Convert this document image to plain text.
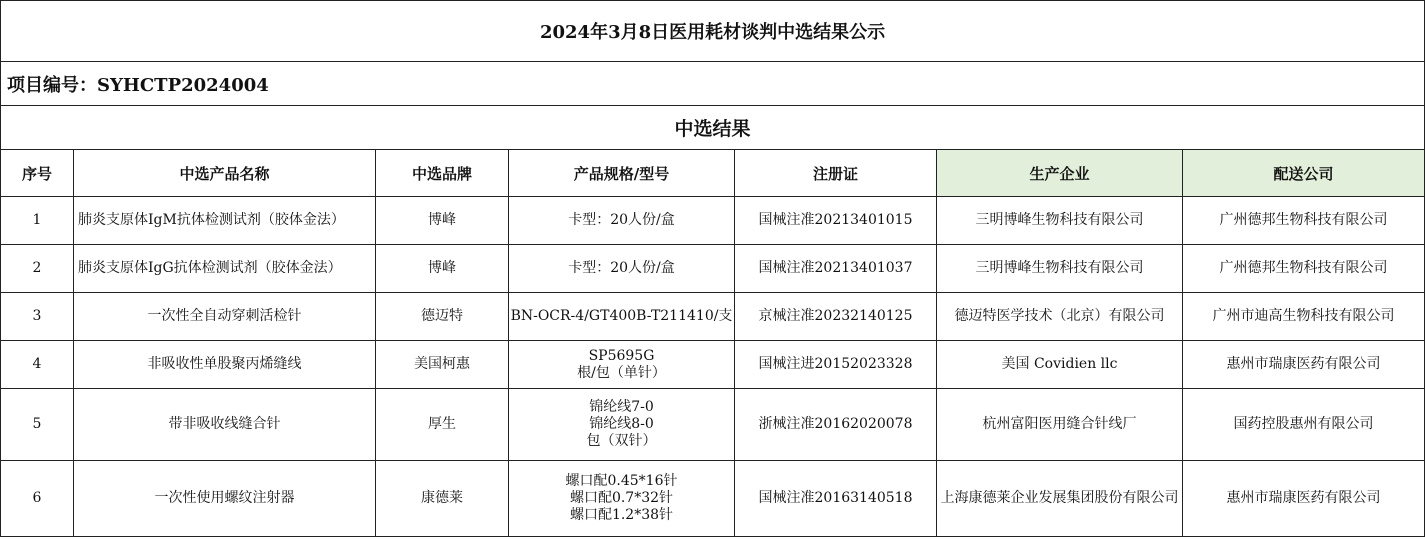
2024年3月8日医用耗材谈判中选结果公示						
项目编号：SYHCTP2024004						
中选结果						
序号	中选产品名称	中选品牌	产品规格/型号	注册证	生产企业	配送公司
1	肺炎支原体IgM抗体检测试剂（胶体金法）	博峰	卡型：20人份/盒	国械注准20213401015	三明博峰生物科技有限公司	广州德邦生物科技有限公司
2	肺炎支原体IgG抗体检测试剂（胶体金法）	博峰	卡型：20人份/盒	国械注准20213401037	三明博峰生物科技有限公司	广州德邦生物科技有限公司
3	一次性全自动穿刺活检针	德迈特	BN-OCR-4/GT400B-T211410/支	京械注准20232140125	德迈特医学技术（北京）有限公司	广州市迪高生物科技有限公司
4	非吸收性单股聚丙烯缝线	美国柯惠	SP5695G
根/包（单针）	国械注进20152023328	美国 Covidien llc	惠州市瑞康医药有限公司
5	带非吸收线缝合针	厚生	锦纶线7-0
锦纶线8-0
包（双针）	浙械注准20162020078	杭州富阳医用缝合针线厂	国药控股惠州有限公司
6	一次性使用螺纹注射器	康德莱	螺口配0.45*16针
螺口配0.7*32针
螺口配1.2*38针	国械注准20163140518	上海康德莱企业发展集团股份有限公司	惠州市瑞康医药有限公司
